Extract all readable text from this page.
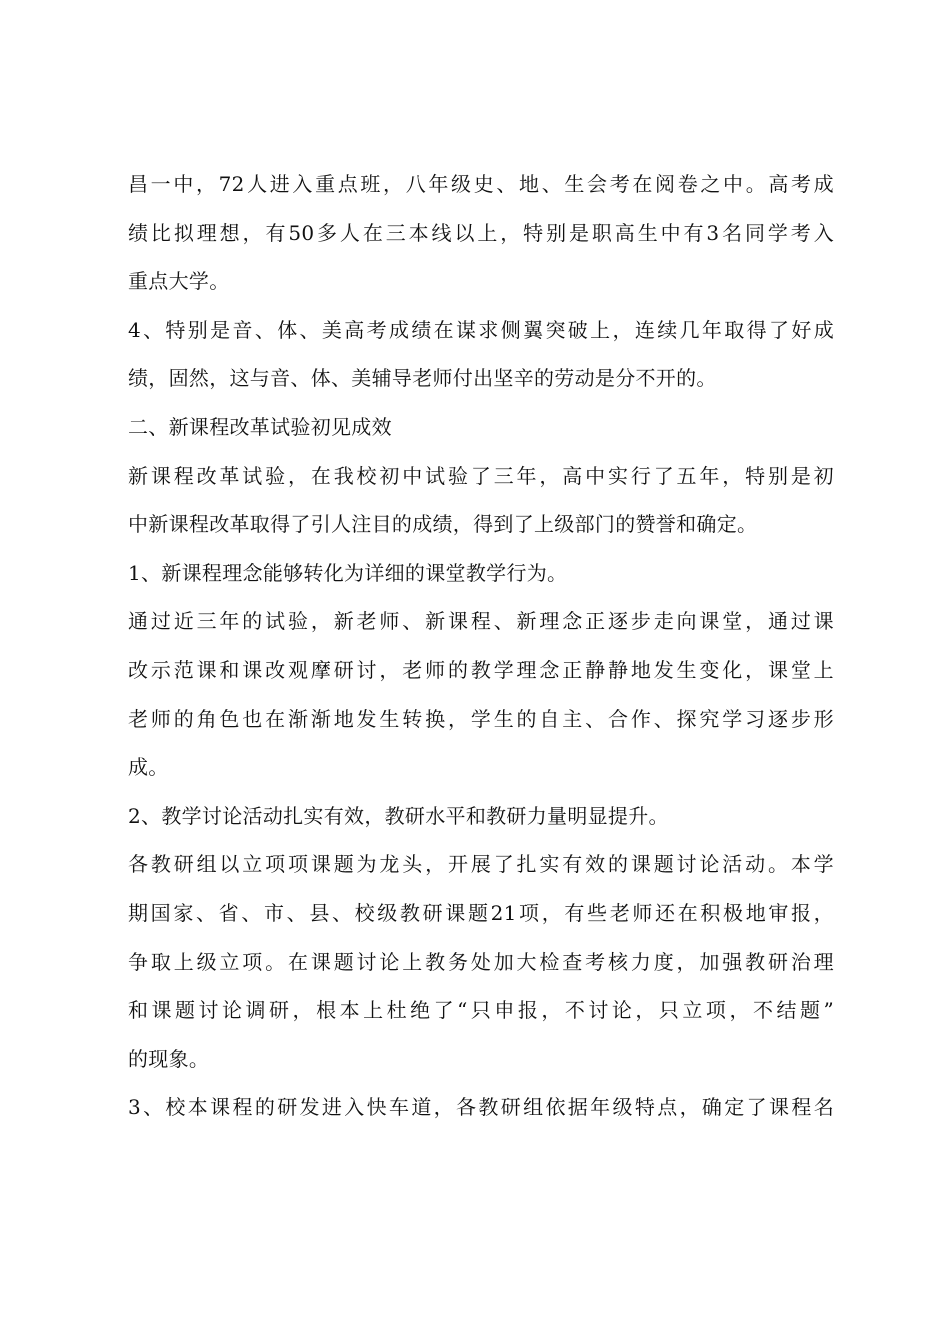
昌一中，72人进入重点班，八年级史、地、生会考在阅卷之中。高考成
绩比拟理想，有50多人在三本线以上，特别是职高生中有3名同学考入
重点大学。
4、特别是音、体、美高考成绩在谋求侧翼突破上，连续几年取得了好成
绩，固然，这与音、体、美辅导老师付出坚辛的劳动是分不开的。
二、新课程改革试验初见成效
新课程改革试验，在我校初中试验了三年，高中实行了五年，特别是初
中新课程改革取得了引人注目的成绩，得到了上级部门的赞誉和确定。
1、新课程理念能够转化为详细的课堂教学行为。
通过近三年的试验，新老师、新课程、新理念正逐步走向课堂，通过课
改示范课和课改观摩研讨，老师的教学理念正静静地发生变化，课堂上
老师的角色也在渐渐地发生转换，学生的自主、合作、探究学习逐步形
成。
2、教学讨论活动扎实有效，教研水平和教研力量明显提升。
各教研组以立项项课题为龙头，开展了扎实有效的课题讨论活动。本学
期国家、省、市、县、校级教研课题21项，有些老师还在积极地审报，
争取上级立项。在课题讨论上教务处加大检查考核力度，加强教研治理
和课题讨论调研，根本上杜绝了“只申报，不讨论，只立项，不结题”
的现象。
3、校本课程的研发进入快车道，各教研组依据年级特点，确定了课程名
